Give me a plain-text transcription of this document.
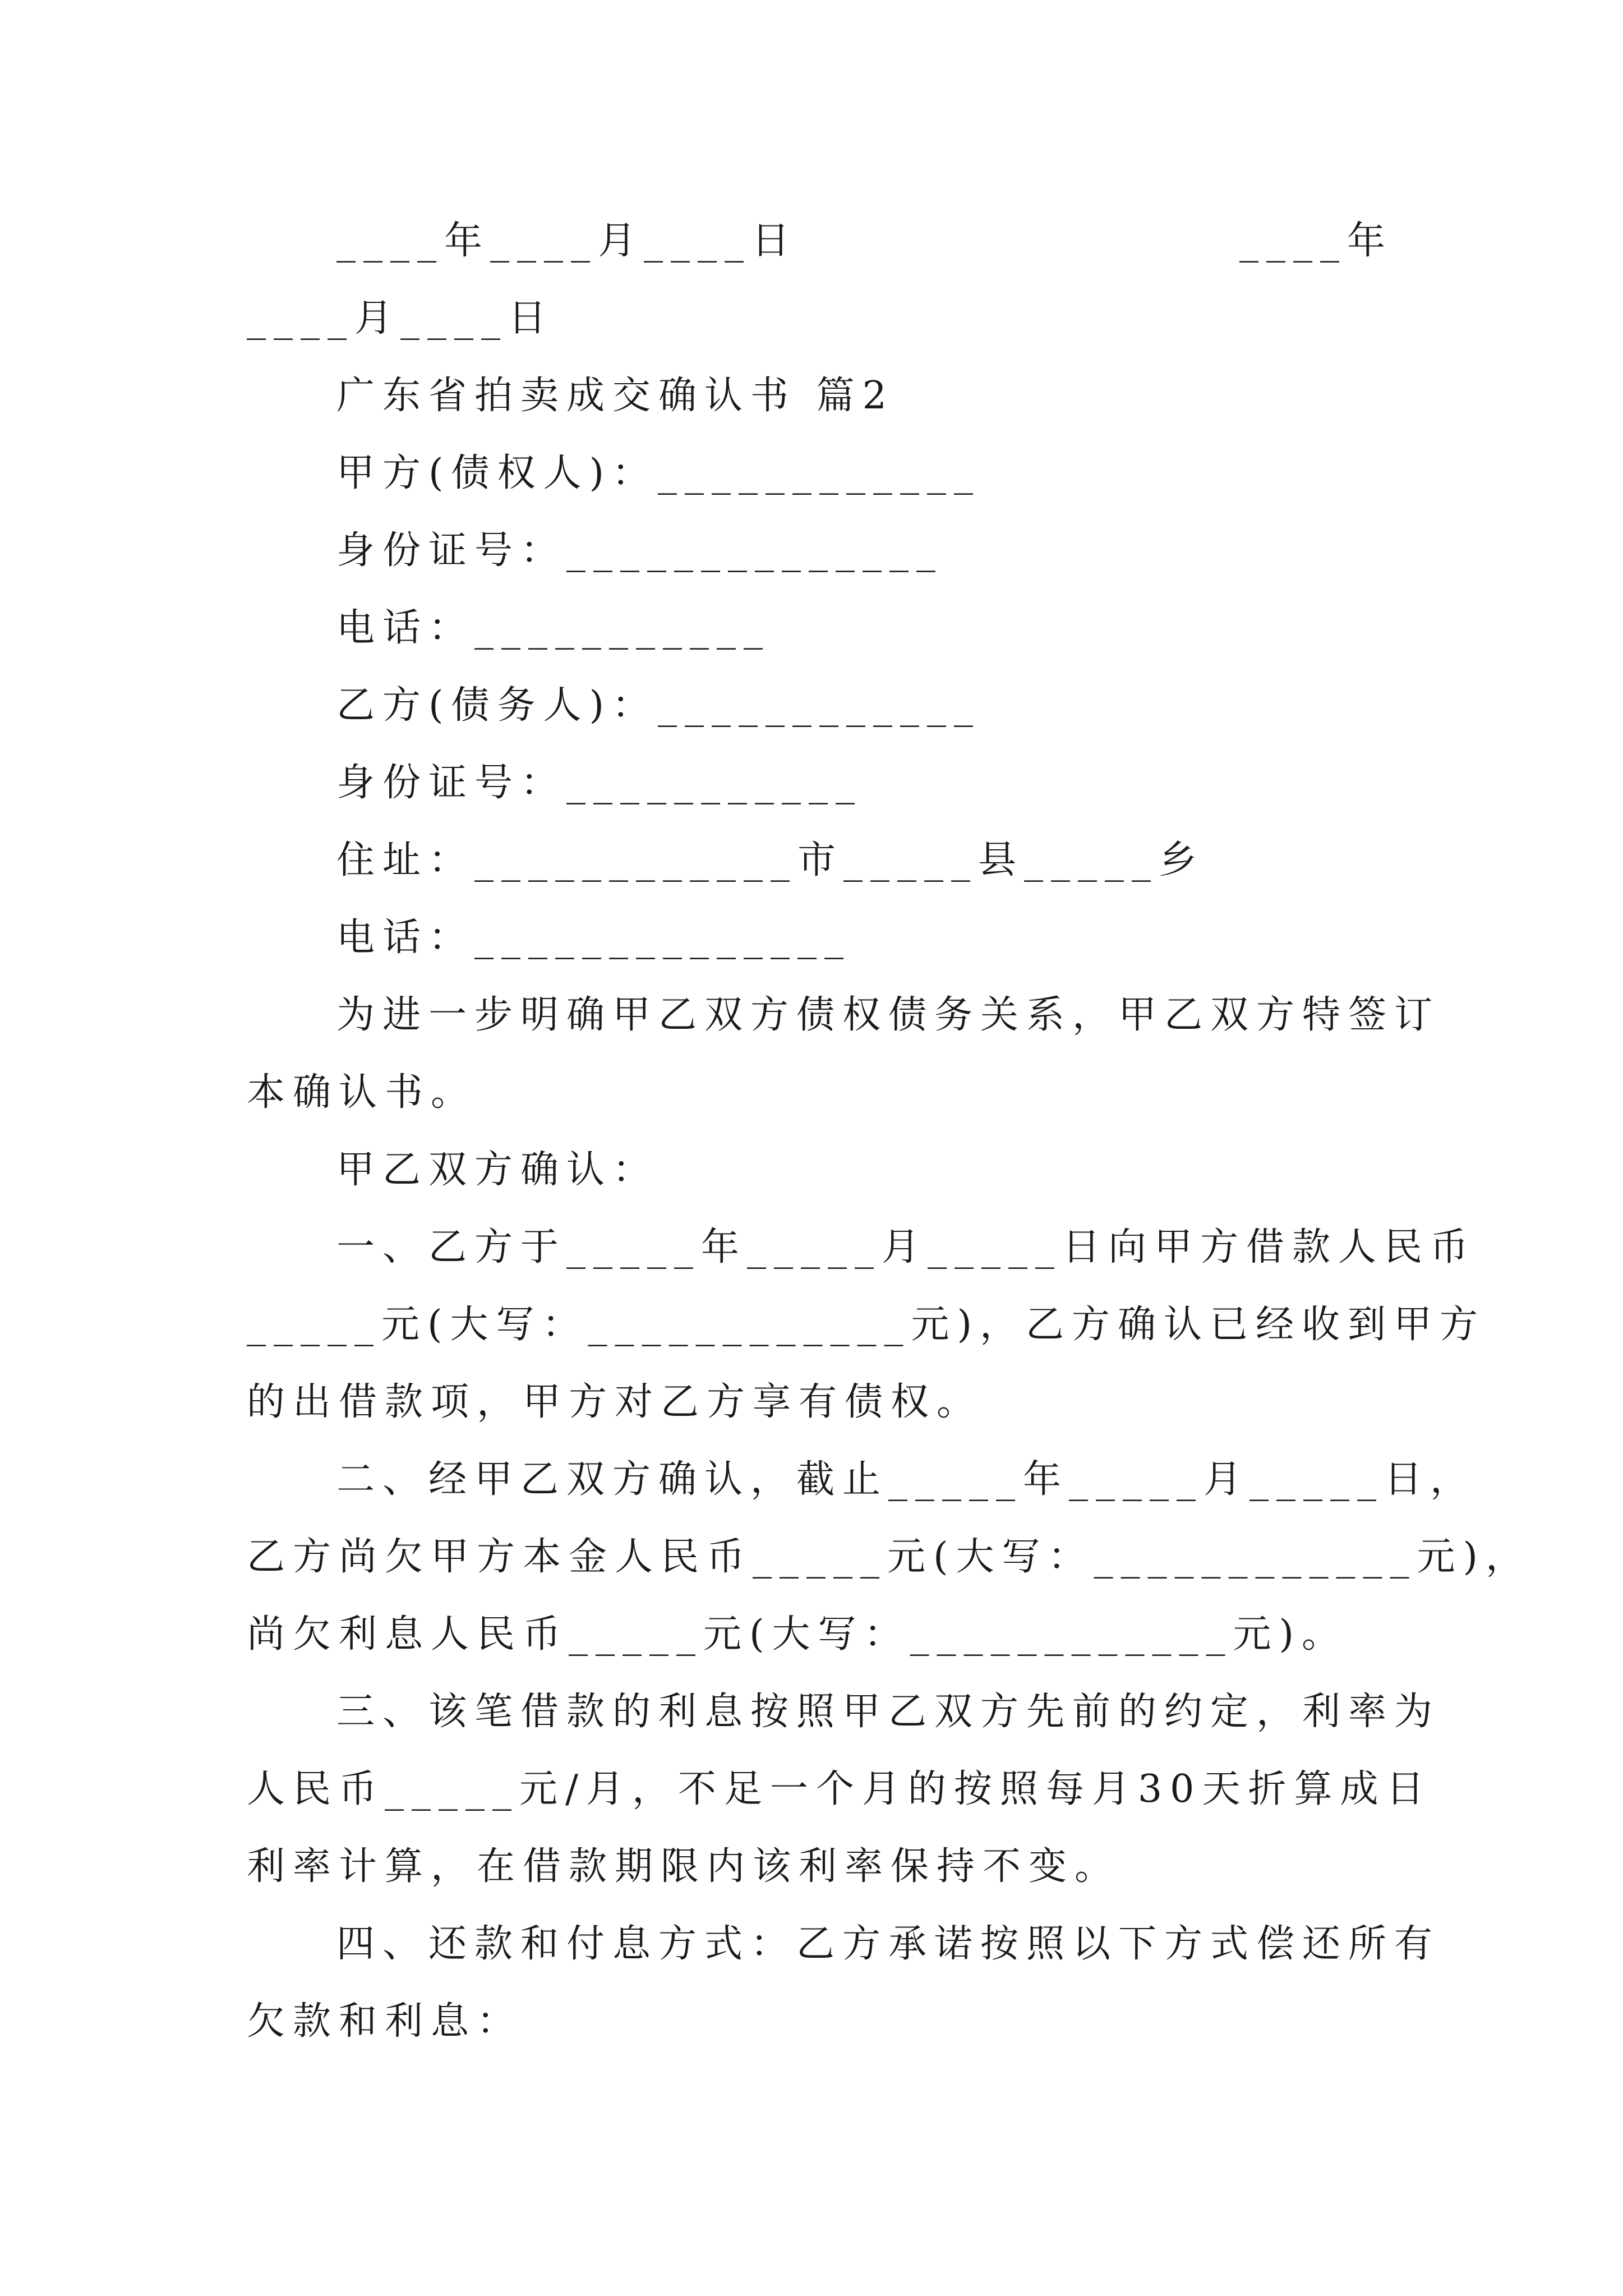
____年____月____日

	____年

____月____日

广东省拍卖成交确认书 篇2

甲方(债权人)：____________

身份证号：______________

电话：___________

乙方(债务人)：____________

身份证号：___________

住址：____________市_____县_____乡

电话：______________

为进一步明确甲乙双方债权债务关系，甲乙双方特签订

本确认书。

甲乙双方确认：

一、乙方于_____年_____月_____日向甲方借款人民币

_____元(大写：____________元)，乙方确认已经收到甲方

的出借款项，甲方对乙方享有债权。

二、经甲乙双方确认，截止_____年_____月_____日，

乙方尚欠甲方本金人民币_____元(大写：____________元)，

尚欠利息人民币_____元(大写：____________元)。

三、该笔借款的利息按照甲乙双方先前的约定，利率为

人民币_____元/月，不足一个月的按照每月30天折算成日

利率计算，在借款期限内该利率保持不变。

四、还款和付息方式：乙方承诺按照以下方式偿还所有

欠款和利息：
